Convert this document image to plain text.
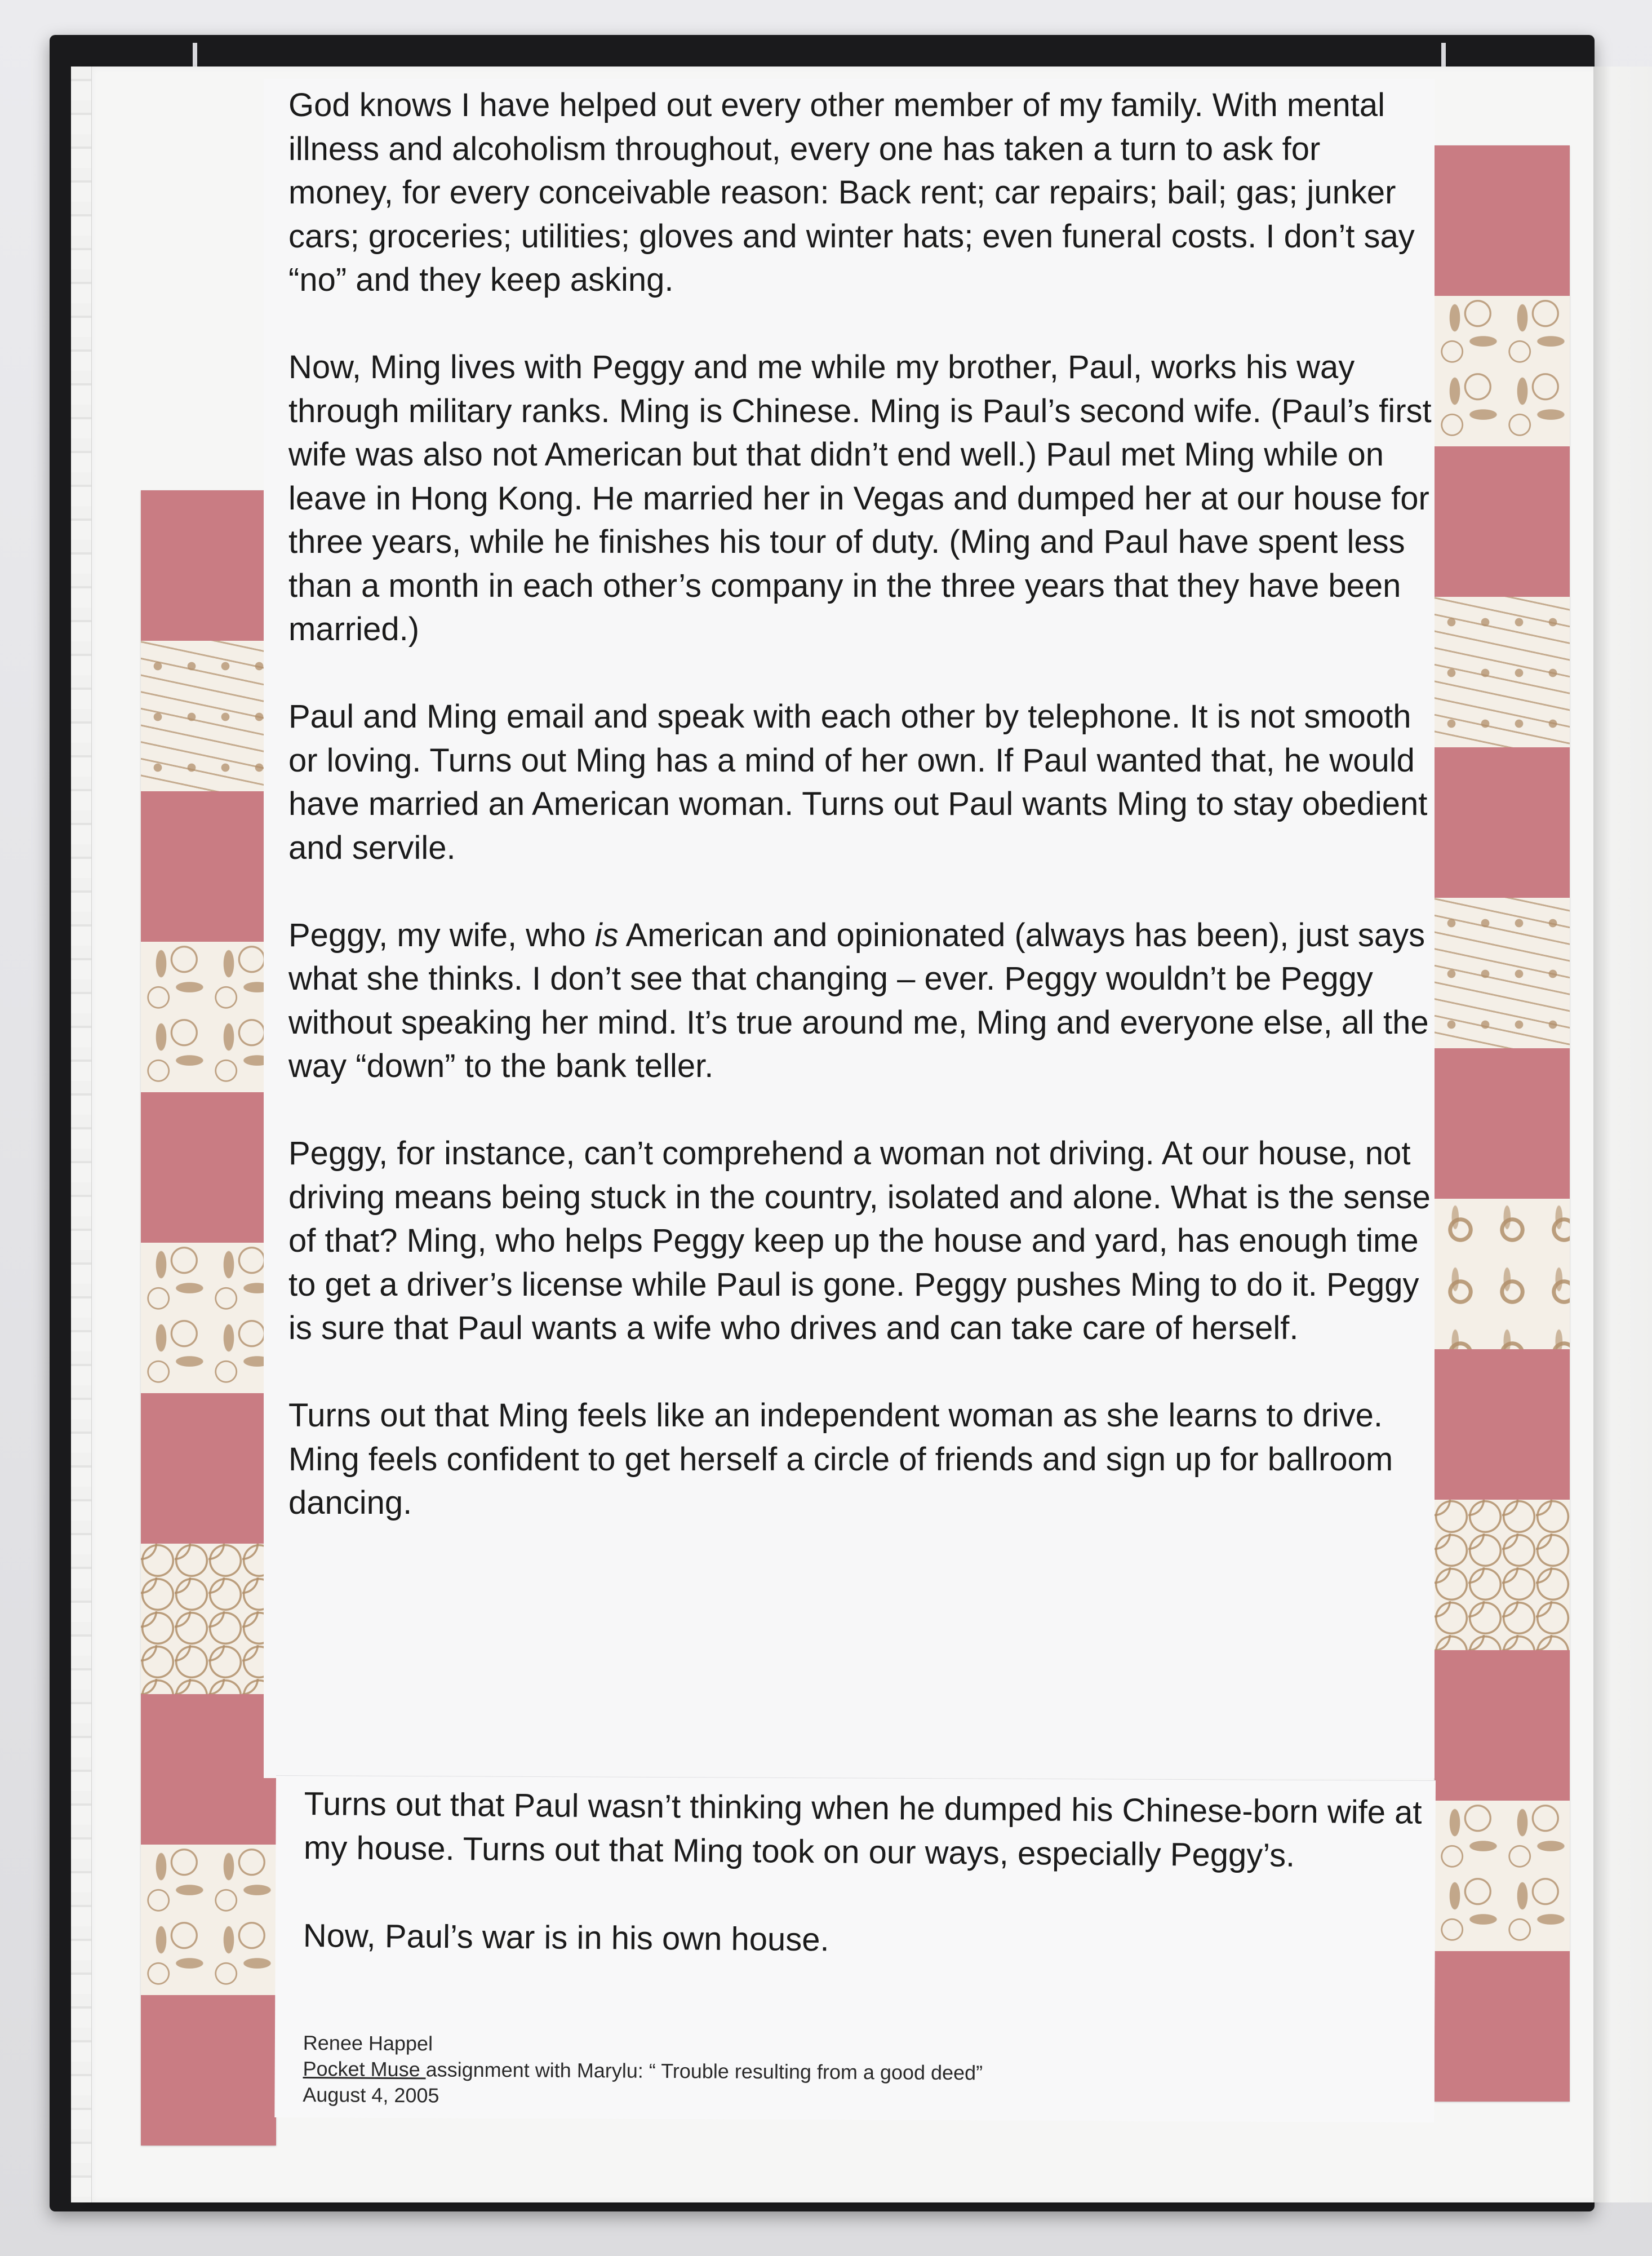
God knows I have helped out every other member of my family. With mental illness and alcoholism throughout, every one has taken a turn to ask for money, for every conceivable reason: Back rent; car repairs; bail; gas; junker cars; groceries; utilities; gloves and winter hats; even funeral costs. I don’t say “no” and they keep asking.

Now, Ming lives with Peggy and me while my brother, Paul, works his way through military ranks. Ming is Chinese. Ming is Paul’s second wife. (Paul’s first wife was also not American but that didn’t end well.) Paul met Ming while on leave in Hong Kong. He married her in Vegas and dumped her at our house for three years, while he finishes his tour of duty. (Ming and Paul have spent less than a month in each other’s company in the three years that they have been married.)

Paul and Ming email and speak with each other by telephone. It is not smooth or loving. Turns out Ming has a mind of her own. If Paul wanted that, he would have married an American woman. Turns out Paul wants Ming to stay obedient and servile.

Peggy, my wife, who is American and opinionated (always has been), just says what she thinks. I don’t see that changing – ever. Peggy wouldn’t be Peggy without speaking her mind. It’s true around me, Ming and everyone else, all the way “down” to the bank teller.

Peggy, for instance, can’t comprehend a woman not driving. At our house, not driving means being stuck in the country, isolated and alone. What is the sense of that? Ming, who helps Peggy keep up the house and yard, has enough time to get a driver’s license while Paul is gone. Peggy pushes Ming to do it. Peggy is sure that Paul wants a wife who drives and can take care of herself.

Turns out that Ming feels like an independent woman as she learns to drive. Ming feels confident to get herself a circle of friends and sign up for ballroom dancing.

Turns out that Paul wasn’t thinking when he dumped his Chinese-born wife at my house. Turns out that Ming took on our ways, especially Peggy’s.

Now, Paul’s war is in his own house.

Renee Happel
Pocket Muse assignment with Marylu: “ Trouble resulting from a good deed”
August 4, 2005
